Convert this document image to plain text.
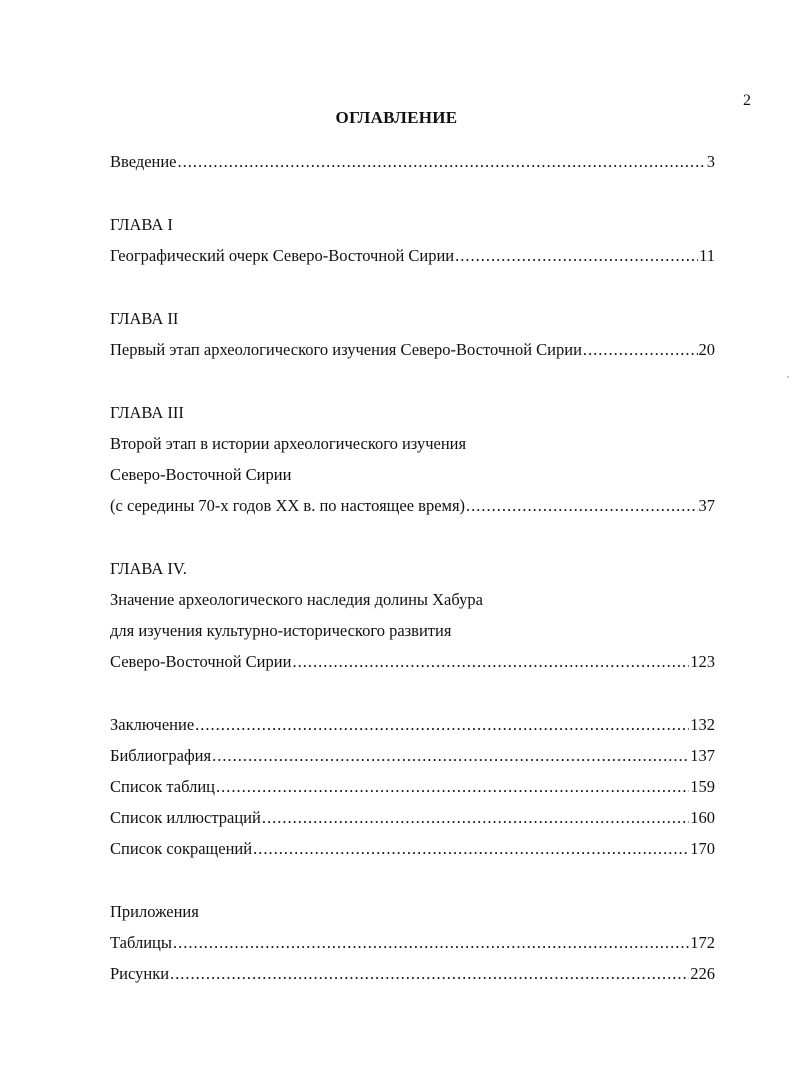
2
ОГЛАВЛЕНИЕ
,
Введение .....	3
ГЛАВА I
Географический очерк Северо-Восточной Сирии .....	11
ГЛАВА II
Первый этап археологического изучения Северо-Восточной Сирии .....	20
ГЛАВА III
Второй этап в истории археологического изучения
Северо-Восточной Сирии
(с середины 70-х годов XX в. по настоящее время) .....	37
ГЛАВА IV.
Значение археологического наследия долины Хабура
для изучения культурно-исторического развития
Северо-Восточной Сирии .....	123
Заключение .....	132
Библиография .....	137
Список таблиц .....	159
Список иллюстраций .....	160
Список сокращений .....	170
Приложения
Таблицы .....	172
Рисунки .....	226
